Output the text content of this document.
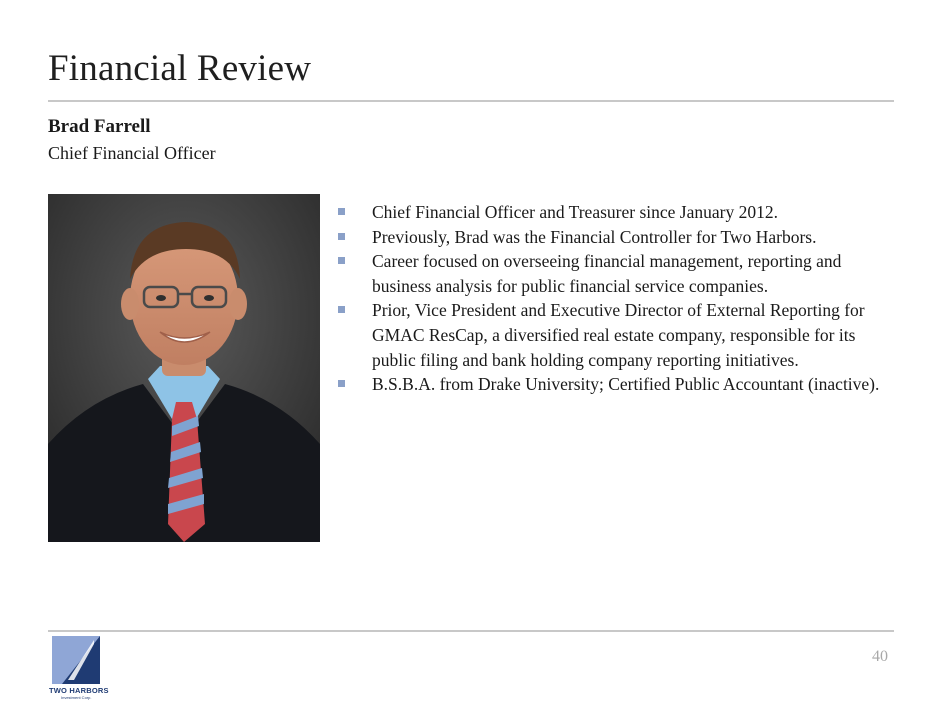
Financial Review
Brad Farrell
Chief Financial Officer
Chief Financial Officer and Treasurer since January 2012.
Previously, Brad was the Financial Controller for Two Harbors.
Career focused on overseeing financial management, reporting and business analysis for public financial service companies.
Prior, Vice President and Executive Director of External Reporting for GMAC ResCap, a diversified real estate company, responsible for its public filing and bank holding company reporting initiatives.
B.S.B.A. from Drake University; Certified Public Accountant (inactive).
TWO HARBORS
Investment Corp.
40
